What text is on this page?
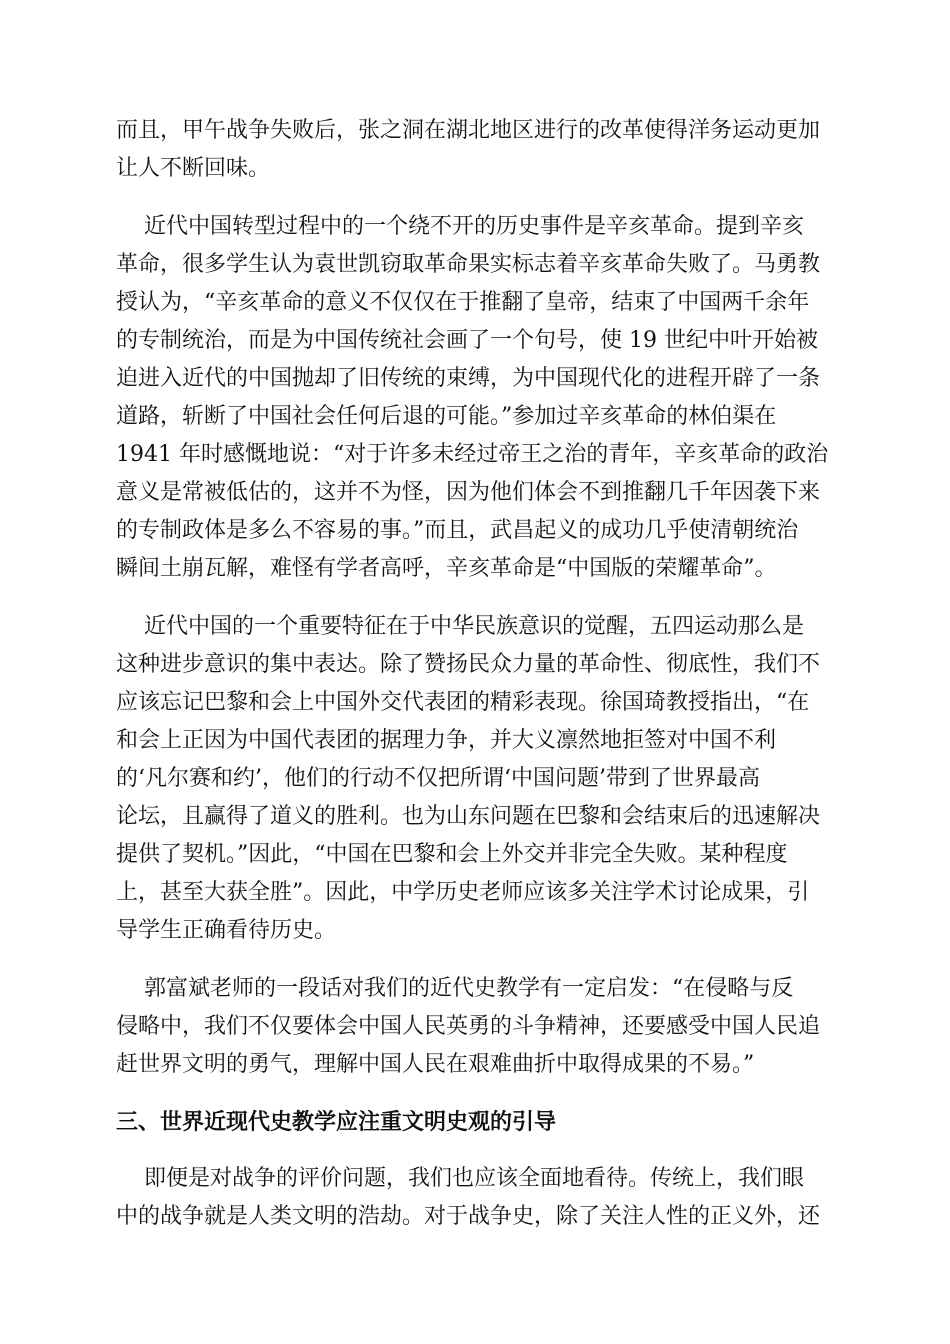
而且，甲午战争失败后，张之洞在湖北地区进行的改革使得洋务运动更加
让人不断回味。
近代中国转型过程中的一个绕不开的历史事件是辛亥革命。提到辛亥
革命，很多学生认为袁世凯窃取革命果实标志着辛亥革命失败了。马勇教
授认为，“辛亥革命的意义不仅仅在于推翻了皇帝，结束了中国两千余年
的专制统治，而是为中国传统社会画了一个句号，使 19 世纪中叶开始被
迫进入近代的中国抛却了旧传统的束缚，为中国现代化的进程开辟了一条
道路，斩断了中国社会任何后退的可能。”参加过辛亥革命的林伯渠在
1941 年时感慨地说：“对于许多未经过帝王之治的青年，辛亥革命的政治
意义是常被低估的，这并不为怪，因为他们体会不到推翻几千年因袭下来
的专制政体是多么不容易的事。”而且，武昌起义的成功几乎使清朝统治
瞬间土崩瓦解，难怪有学者高呼，辛亥革命是“中国版的荣耀革命”。
近代中国的一个重要特征在于中华民族意识的觉醒，五四运动那么是
这种进步意识的集中表达。除了赞扬民众力量的革命性、彻底性，我们不
应该忘记巴黎和会上中国外交代表团的精彩表现。徐国琦教授指出，“在
和会上正因为中国代表团的据理力争，并大义凛然地拒签对中国不利
的‘凡尔赛和约’，他们的行动不仅把所谓‘中国问题’带到了世界最高
论坛，且赢得了道义的胜利。也为山东问题在巴黎和会结束后的迅速解决
提供了契机。”因此，“中国在巴黎和会上外交并非完全失败。某种程度
上，甚至大获全胜”。因此，中学历史老师应该多关注学术讨论成果，引
导学生正确看待历史。
郭富斌老师的一段话对我们的近代史教学有一定启发：“在侵略与反
侵略中，我们不仅要体会中国人民英勇的斗争精神，还要感受中国人民追
赶世界文明的勇气，理解中国人民在艰难曲折中取得成果的不易。”
三、世界近现代史教学应注重文明史观的引导
即便是对战争的评价问题，我们也应该全面地看待。传统上，我们眼
中的战争就是人类文明的浩劫。对于战争史，除了关注人性的正义外，还
